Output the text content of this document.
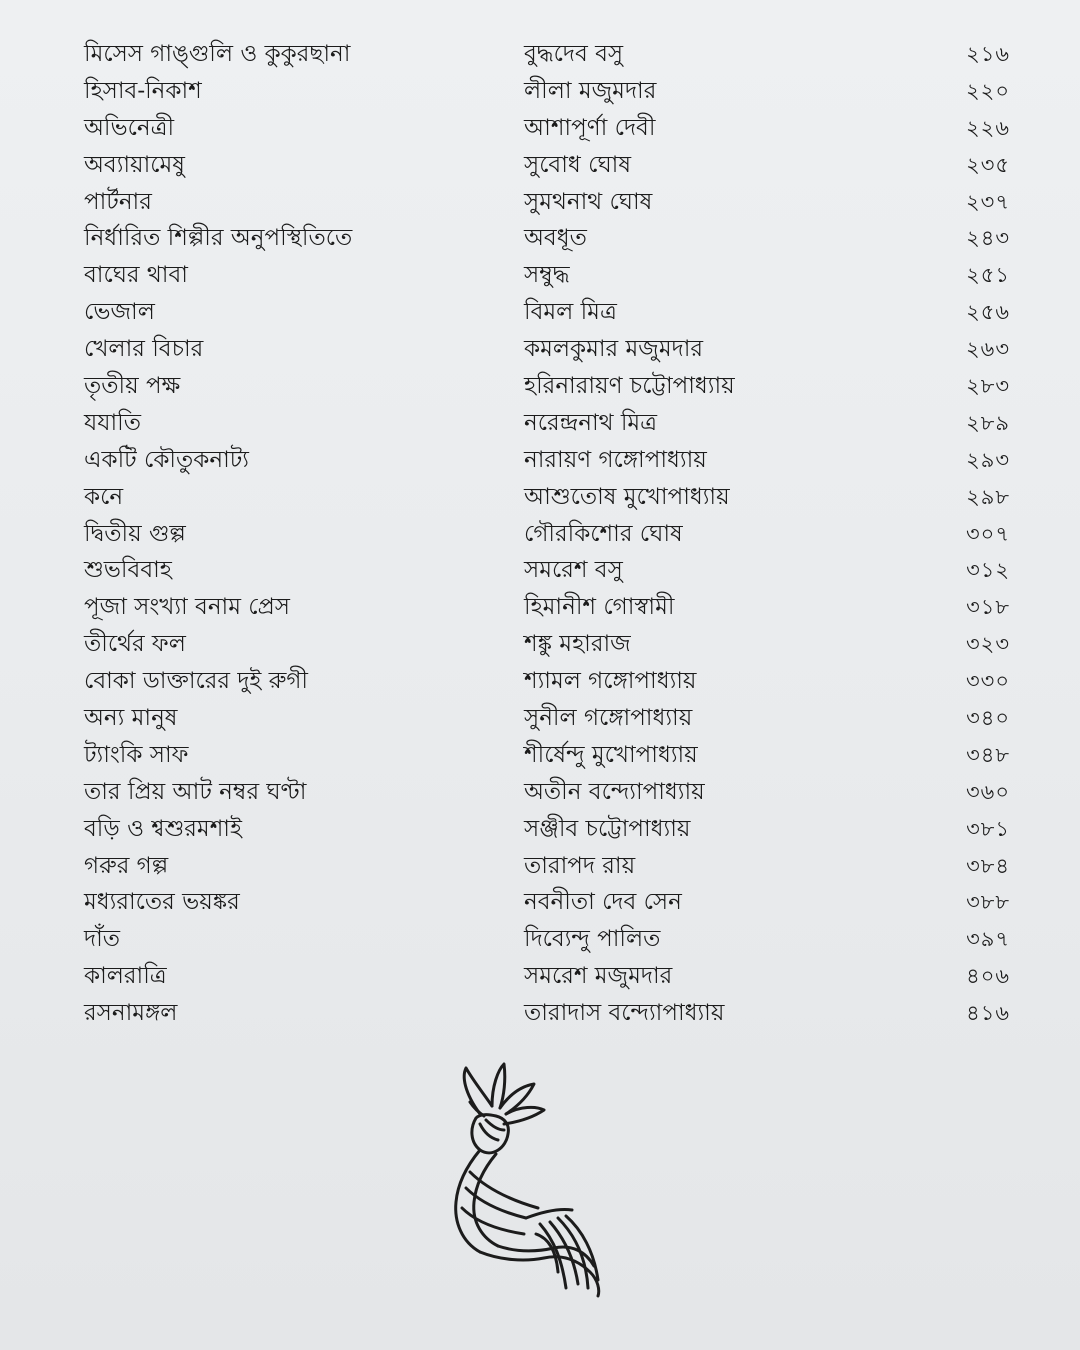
মিসেস গাঙ্গুলি ও কুকুরছানা	বুদ্ধদেব বসু	২১৬
হিসাব-নিকাশ	লীলা মজুমদার	২২০
অভিনেত্রী	আশাপূর্ণা দেবী	২২৬
অব্যায়ামেষু	সুবোধ ঘোষ	২৩৫
পার্টনার	সুমথনাথ ঘোষ	২৩৭
নির্ধারিত শিল্পীর অনুপস্থিতিতে	অবধূত	২৪৩
বাঘের থাবা	সম্বুদ্ধ	২৫১
ভেজাল	বিমল মিত্র	২৫৬
খেলার বিচার	কমলকুমার মজুমদার	২৬৩
তৃতীয় পক্ষ	হরিনারায়ণ চট্টোপাধ্যায়	২৮৩
যযাতি	নরেন্দ্রনাথ মিত্র	২৮৯
একটি কৌতুকনাট্য	নারায়ণ গঙ্গোপাধ্যায়	২৯৩
কনে	আশুতোষ মুখোপাধ্যায়	২৯৮
দ্বিতীয় গুল্প	গৌরকিশোর ঘোষ	৩০৭
শুভবিবাহ	সমরেশ বসু	৩১২
পূজা সংখ্যা বনাম প্রেস	হিমানীশ গোস্বামী	৩১৮
তীর্থের ফল	শঙ্কু মহারাজ	৩২৩
বোকা ডাক্তারের দুই রুগী	শ্যামল গঙ্গোপাধ্যায়	৩৩০
অন্য মানুষ	সুনীল গঙ্গোপাধ্যায়	৩৪০
ট্যাংকি সাফ	শীর্ষেন্দু মুখোপাধ্যায়	৩৪৮
তার প্রিয় আট নম্বর ঘণ্টা	অতীন বন্দ্যোপাধ্যায়	৩৬০
বড়ি ও শ্বশুরমশাই	সঞ্জীব চট্টোপাধ্যায়	৩৮১
গরুর গল্প	তারাপদ রায়	৩৮৪
মধ্যরাতের ভয়ঙ্কর	নবনীতা দেব সেন	৩৮৮
দাঁত	দিব্যেন্দু পালিত	৩৯৭
কালরাত্রি	সমরেশ মজুমদার	৪০৬
রসনামঙ্গল	তারাদাস বন্দ্যোপাধ্যায়	৪১৬
